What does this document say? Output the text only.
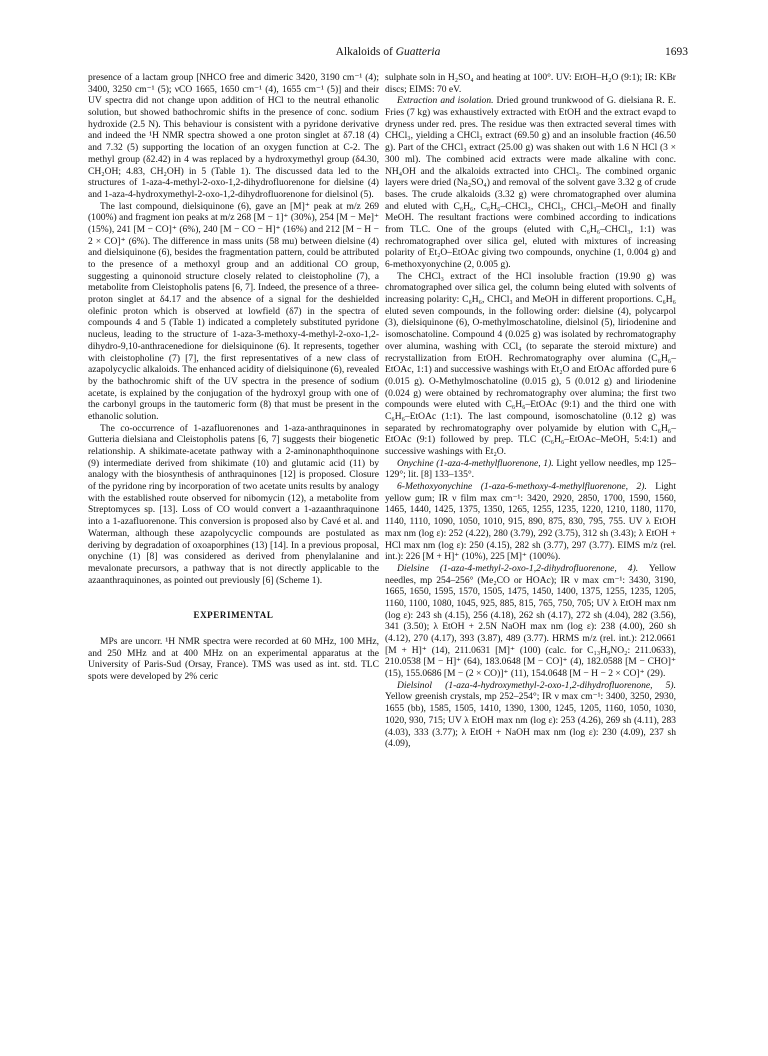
Alkaloids of Guatteria	1693

presence of a lactam group [NHCO free and dimeric 3420, 3190 cm⁻¹ (4); 3400, 3250 cm⁻¹ (5); νCO 1665, 1650 cm⁻¹ (4), 1655 cm⁻¹ (5)] and their UV spectra did not change upon addition of HCl to the neutral ethanolic solution, but showed bathochromic shifts in the presence of conc. sodium hydroxide (2.5 N). This behaviour is consistent with a pyridone derivative and indeed the ¹H NMR spectra showed a one proton singlet at δ7.18 (4) and 7.32 (5) supporting the location of an oxygen function at C-2. The methyl group (δ2.42) in 4 was replaced by a hydroxymethyl group (δ4.30, CH₂OH; 4.83, CH₂OH) in 5 (Table 1). The discussed data led to the structures of 1-aza-4-methyl-2-oxo-1,2-dihydrofluorenone for dielsine (4) and 1-aza-4-hydroxymethyl-2-oxo-1,2-dihydrofluorenone for dielsinol (5).

The last compound, dielsiquinone (6), gave an [M]⁺ peak at m/z 269 (100%) and fragment ion peaks at m/z 268 [M − 1]⁺ (30%), 254 [M − Me]⁺ (15%), 241 [M − CO]⁺ (6%), 240 [M − CO − H]⁺ (16%) and 212 [M − H − 2 × CO]⁺ (6%). The difference in mass units (58 mu) between dielsine (4) and dielsiquinone (6), besides the fragmentation pattern, could be attributed to the presence of a methoxyl group and an additional CO group, suggesting a quinonoid structure closely related to cleistopholine (7), a metabolite from Cleistopholis patens [6, 7]. Indeed, the presence of a three-proton singlet at δ4.17 and the absence of a signal for the deshielded olefinic proton which is observed at lowfield (δ7) in the spectra of compounds 4 and 5 (Table 1) indicated a completely substituted pyridone nucleus, leading to the structure of 1-aza-3-methoxy-4-methyl-2-oxo-1,2-dihydro-9,10-anthracenedione for dielsiquinone (6). It represents, together with cleistopholine (7) [7], the first representatives of a new class of azapolycyclic alkaloids. The enhanced acidity of dielsiquinone (6), revealed by the bathochromic shift of the UV spectra in the presence of sodium acetate, is explained by the conjugation of the hydroxyl group with one of the carbonyl groups in the tautomeric form (8) that must be present in the ethanolic solution.

The co-occurrence of 1-azafluorenones and 1-aza-anthraquinones in Gutteria dielsiana and Cleistopholis patens [6, 7] suggests their biogenetic relationship. A shikimate-acetate pathway with a 2-aminonaphthoquinone (9) intermediate derived from shikimate (10) and glutamic acid (11) by analogy with the biosynthesis of anthraquinones [12] is proposed. Closure of the pyridone ring by incorporation of two acetate units results by analogy with the established route observed for nibomycin (12), a metabolite from Streptomyces sp. [13]. Loss of CO would convert a 1-azaanthraquinone into a 1-azafluorenone. This conversion is proposed also by Cavé et al. and Waterman, although these azapolycyclic compounds are postulated as deriving by degradation of oxoaporphines (13) [14]. In a previous proposal, onychine (1) [8] was considered as derived from phenylalanine and mevalonate precursors, a pathway that is not directly applicable to the azaanthraquinones, as pointed out previously [6] (Scheme 1).

EXPERIMENTAL

MPs are uncorr. ¹H NMR spectra were recorded at 60 MHz, 100 MHz, and 250 MHz and at 400 MHz on an experimental apparatus at the University of Paris-Sud (Orsay, France). TMS was used as int. std. TLC spots were developed by 2% ceric

sulphate soln in H₂SO₄ and heating at 100°. UV: EtOH–H₂O (9:1); IR: KBr discs; EIMS: 70 eV.

Extraction and isolation. Dried ground trunkwood of G. dielsiana R. E. Fries (7 kg) was exhaustively extracted with EtOH and the extract evapd to dryness under red. pres. The residue was then extracted several times with CHCl₃, yielding a CHCl₃ extract (69.50 g) and an insoluble fraction (46.50 g). Part of the CHCl₃ extract (25.00 g) was shaken out with 1.6 N HCl (3 × 300 ml). The combined acid extracts were made alkaline with conc. NH₄OH and the alkaloids extracted into CHCl₃. The combined organic layers were dried (Na₂SO₄) and removal of the solvent gave 3.32 g of crude bases. The crude alkaloids (3.32 g) were chromatographed over alumina and eluted with C₆H₆, C₆H₆–CHCl₃, CHCl₃, CHCl₃–MeOH and finally MeOH. The resultant fractions were combined according to indications from TLC. One of the groups (eluted with C₆H₆–CHCl₃, 1:1) was rechromatographed over silica gel, eluted with mixtures of increasing polarity of Et₂O–EtOAc giving two compounds, onychine (1, 0.004 g) and 6-methoxyonychine (2, 0.005 g).

The CHCl₃ extract of the HCl insoluble fraction (19.90 g) was chromatographed over silica gel, the column being eluted with solvents of increasing polarity: C₆H₆, CHCl₃ and MeOH in different proportions. C₆H₆ eluted seven compounds, in the following order: dielsine (4), polycarpol (3), dielsiquinone (6), O-methylmoschatoline, dielsinol (5), liriodenine and isomoschatoline. Compound 4 (0.025 g) was isolated by rechromatography over alumina, washing with CCl₄ (to separate the steroid mixture) and recrystallization from EtOH. Rechromatography over alumina (C₆H₆–EtOAc, 1:1) and successive washings with Et₂O and EtOAc afforded pure 6 (0.015 g). O-Methylmoschatoline (0.015 g), 5 (0.012 g) and liriodenine (0.024 g) were obtained by rechromatography over alumina; the first two compounds were eluted with C₆H₆–EtOAc (9:1) and the third one with C₆H₆–EtOAc (1:1). The last compound, isomoschatoline (0.12 g) was separated by rechromatography over polyamide by elution with C₆H₆–EtOAc (9:1) followed by prep. TLC (C₆H₆–EtOAc–MeOH, 5:4:1) and successive washings with Et₂O.

Onychine (1-aza-4-methylfluorenone, 1). Light yellow needles, mp 125–129°; lit. [8] 133–135°.

6-Methoxyonychine (1-aza-6-methoxy-4-methylfluorenone, 2). Light yellow gum; IR ν film max cm⁻¹: 3420, 2920, 2850, 1700, 1590, 1560, 1465, 1440, 1425, 1375, 1350, 1265, 1255, 1235, 1220, 1210, 1180, 1170, 1140, 1110, 1090, 1050, 1010, 915, 890, 875, 830, 795, 755. UV λ EtOH max nm (log ε): 252 (4.22), 280 (3.79), 292 (3.75), 312 sh (3.43); λ EtOH + HCl max nm (log ε): 250 (4.15), 282 sh (3.77), 297 (3.77). EIMS m/z (rel. int.): 226 [M + H]⁺ (10%), 225 [M]⁺ (100%).

Dielsine (1-aza-4-methyl-2-oxo-1,2-dihydrofluorenone, 4). Yellow needles, mp 254–256° (Me₂CO or HOAc); IR ν max cm⁻¹: 3430, 3190, 1665, 1650, 1595, 1570, 1505, 1475, 1450, 1400, 1375, 1255, 1235, 1205, 1160, 1100, 1080, 1045, 925, 885, 815, 765, 750, 705; UV λ EtOH max nm (log ε): 243 sh (4.15), 256 (4.18), 262 sh (4.17), 272 sh (4.04), 282 (3.56), 341 (3.50); λ EtOH + 2.5N NaOH max nm (log ε): 238 (4.00), 260 sh (4.12), 270 (4.17), 393 (3.87), 489 (3.77). HRMS m/z (rel. int.): 212.0661 [M + H]⁺ (14), 211.0631 [M]⁺ (100) (calc. for C₁₃H₉NO₂: 211.0633), 210.0538 [M − H]⁺ (64), 183.0648 [M − CO]⁺ (4), 182.0588 [M − CHO]⁺ (15), 155.0686 [M − (2 × CO)]⁺ (11), 154.0648 [M − H − 2 × CO]⁺ (29).

Dielsinol (1-aza-4-hydroxymethyl-2-oxo-1,2-dihydrofluorenone, 5). Yellow greenish crystals, mp 252–254°; IR ν max cm⁻¹: 3400, 3250, 2930, 1655 (bb), 1585, 1505, 1410, 1390, 1300, 1245, 1205, 1160, 1050, 1030, 1020, 930, 715; UV λ EtOH max nm (log ε): 253 (4.26), 269 sh (4.11), 283 (4.03), 333 (3.77); λ EtOH + NaOH max nm (log ε): 230 (4.09), 237 sh (4.09),
